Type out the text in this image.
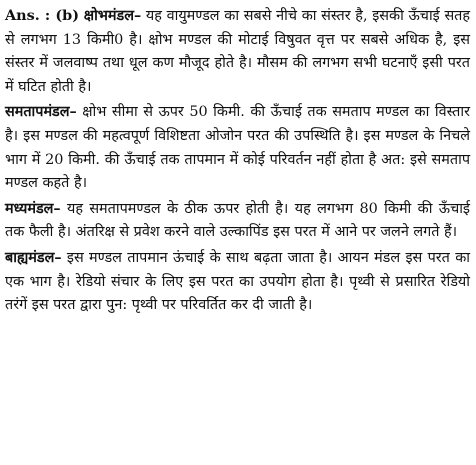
Ans. : (b) क्षोभमंडल– यह वायुमण्डल का सबसे नीचे का संस्तर है, इसकी ऊँचाई सतह से लगभग 13 किमी0 है। क्षोभ मण्डल की मोटाई विषुवत वृत्त पर सबसे अधिक है, इस संस्तर में जलवाष्प तथा धूल कण मौजूद होते है। मौसम की लगभग सभी घटनाएँ इसी परत में घटित होती है।

समतापमंडल– क्षोभ सीमा से ऊपर 50 किमी. की ऊँचाई तक समताप मण्डल का विस्तार है। इस मण्डल की महत्वपूर्ण विशिष्टता ओजोन परत की उपस्थिति है। इस मण्डल के निचले भाग में 20 किमी. की ऊँचाई तक तापमान में कोई परिवर्तन नहीं होता है अत: इसे समताप मण्डल कहते है।

मध्यमंडल– यह समतापमण्डल के ठीक ऊपर होती है। यह लगभग 80 किमी की ऊँचाई तक फैली है। अंतरिक्ष से प्रवेश करने वाले उल्कापिंड इस परत में आने पर जलने लगते हैं।

बाह्यमंडल– इस मण्डल तापमान ऊंचाई के साथ बढ़ता जाता है। आयन मंडल इस परत का एक भाग है। रेडियो संचार के लिए इस परत का उपयोग होता है। पृथ्वी से प्रसारित रेडियो तरंगें इस परत द्वारा पुन: पृथ्वी पर परिवर्तित कर दी जाती है।
